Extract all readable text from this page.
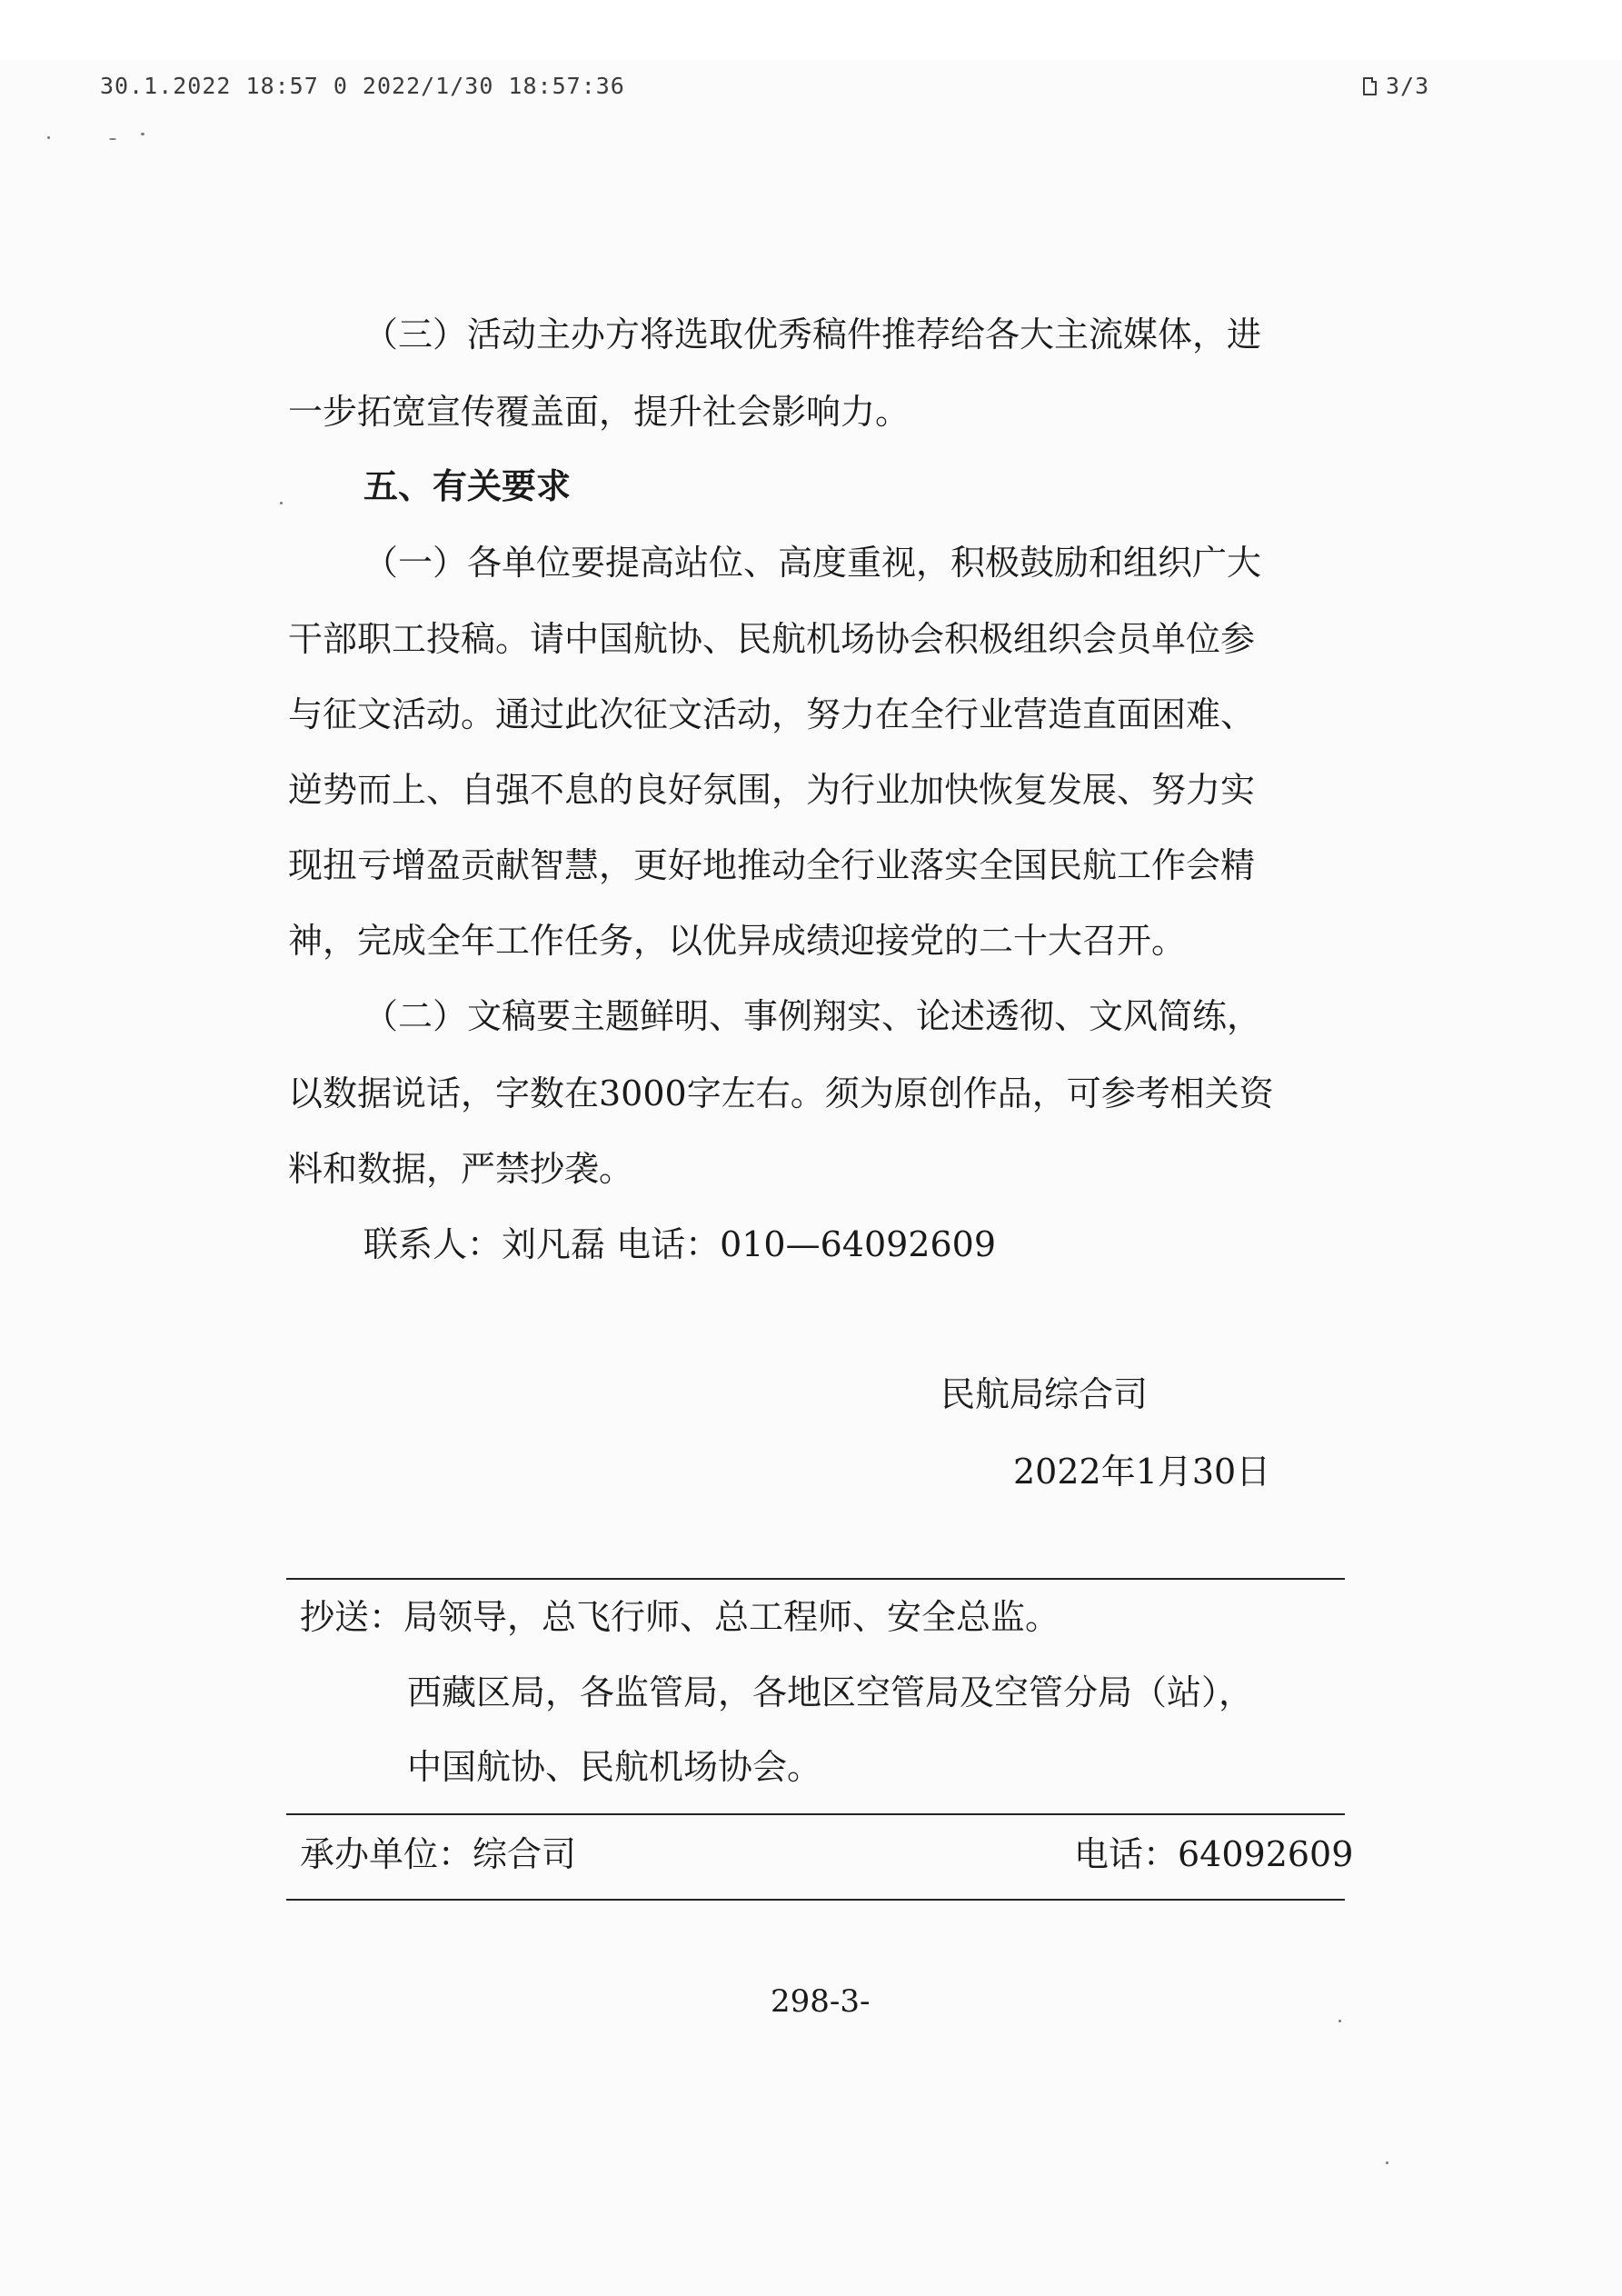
30.1.2022 18:57 0 2022/1/30 18:57:36	3/3
（三）活动主办方将选取优秀稿件推荐给各大主流媒体，进
一步拓宽宣传覆盖面，提升社会影响力。
五、有关要求
（一）各单位要提高站位、高度重视，积极鼓励和组织广大
干部职工投稿。请中国航协、民航机场协会积极组织会员单位参
与征文活动。通过此次征文活动，努力在全行业营造直面困难、
逆势而上、自强不息的良好氛围，为行业加快恢复发展、努力实
现扭亏增盈贡献智慧，更好地推动全行业落实全国民航工作会精
神，完成全年工作任务，以优异成绩迎接党的二十大召开。
（二）文稿要主题鲜明、事例翔实、论述透彻、文风简练，
以数据说话，字数在3000字左右。须为原创作品，可参考相关资
料和数据，严禁抄袭。
联系人：刘凡磊 电话：010—64092609
民航局综合司
2022年1月30日
抄送：局领导，总飞行师、总工程师、安全总监。
西藏区局，各监管局，各地区空管局及空管分局（站），
中国航协、民航机场协会。
承办单位：综合司	电话：64092609
298-3-
